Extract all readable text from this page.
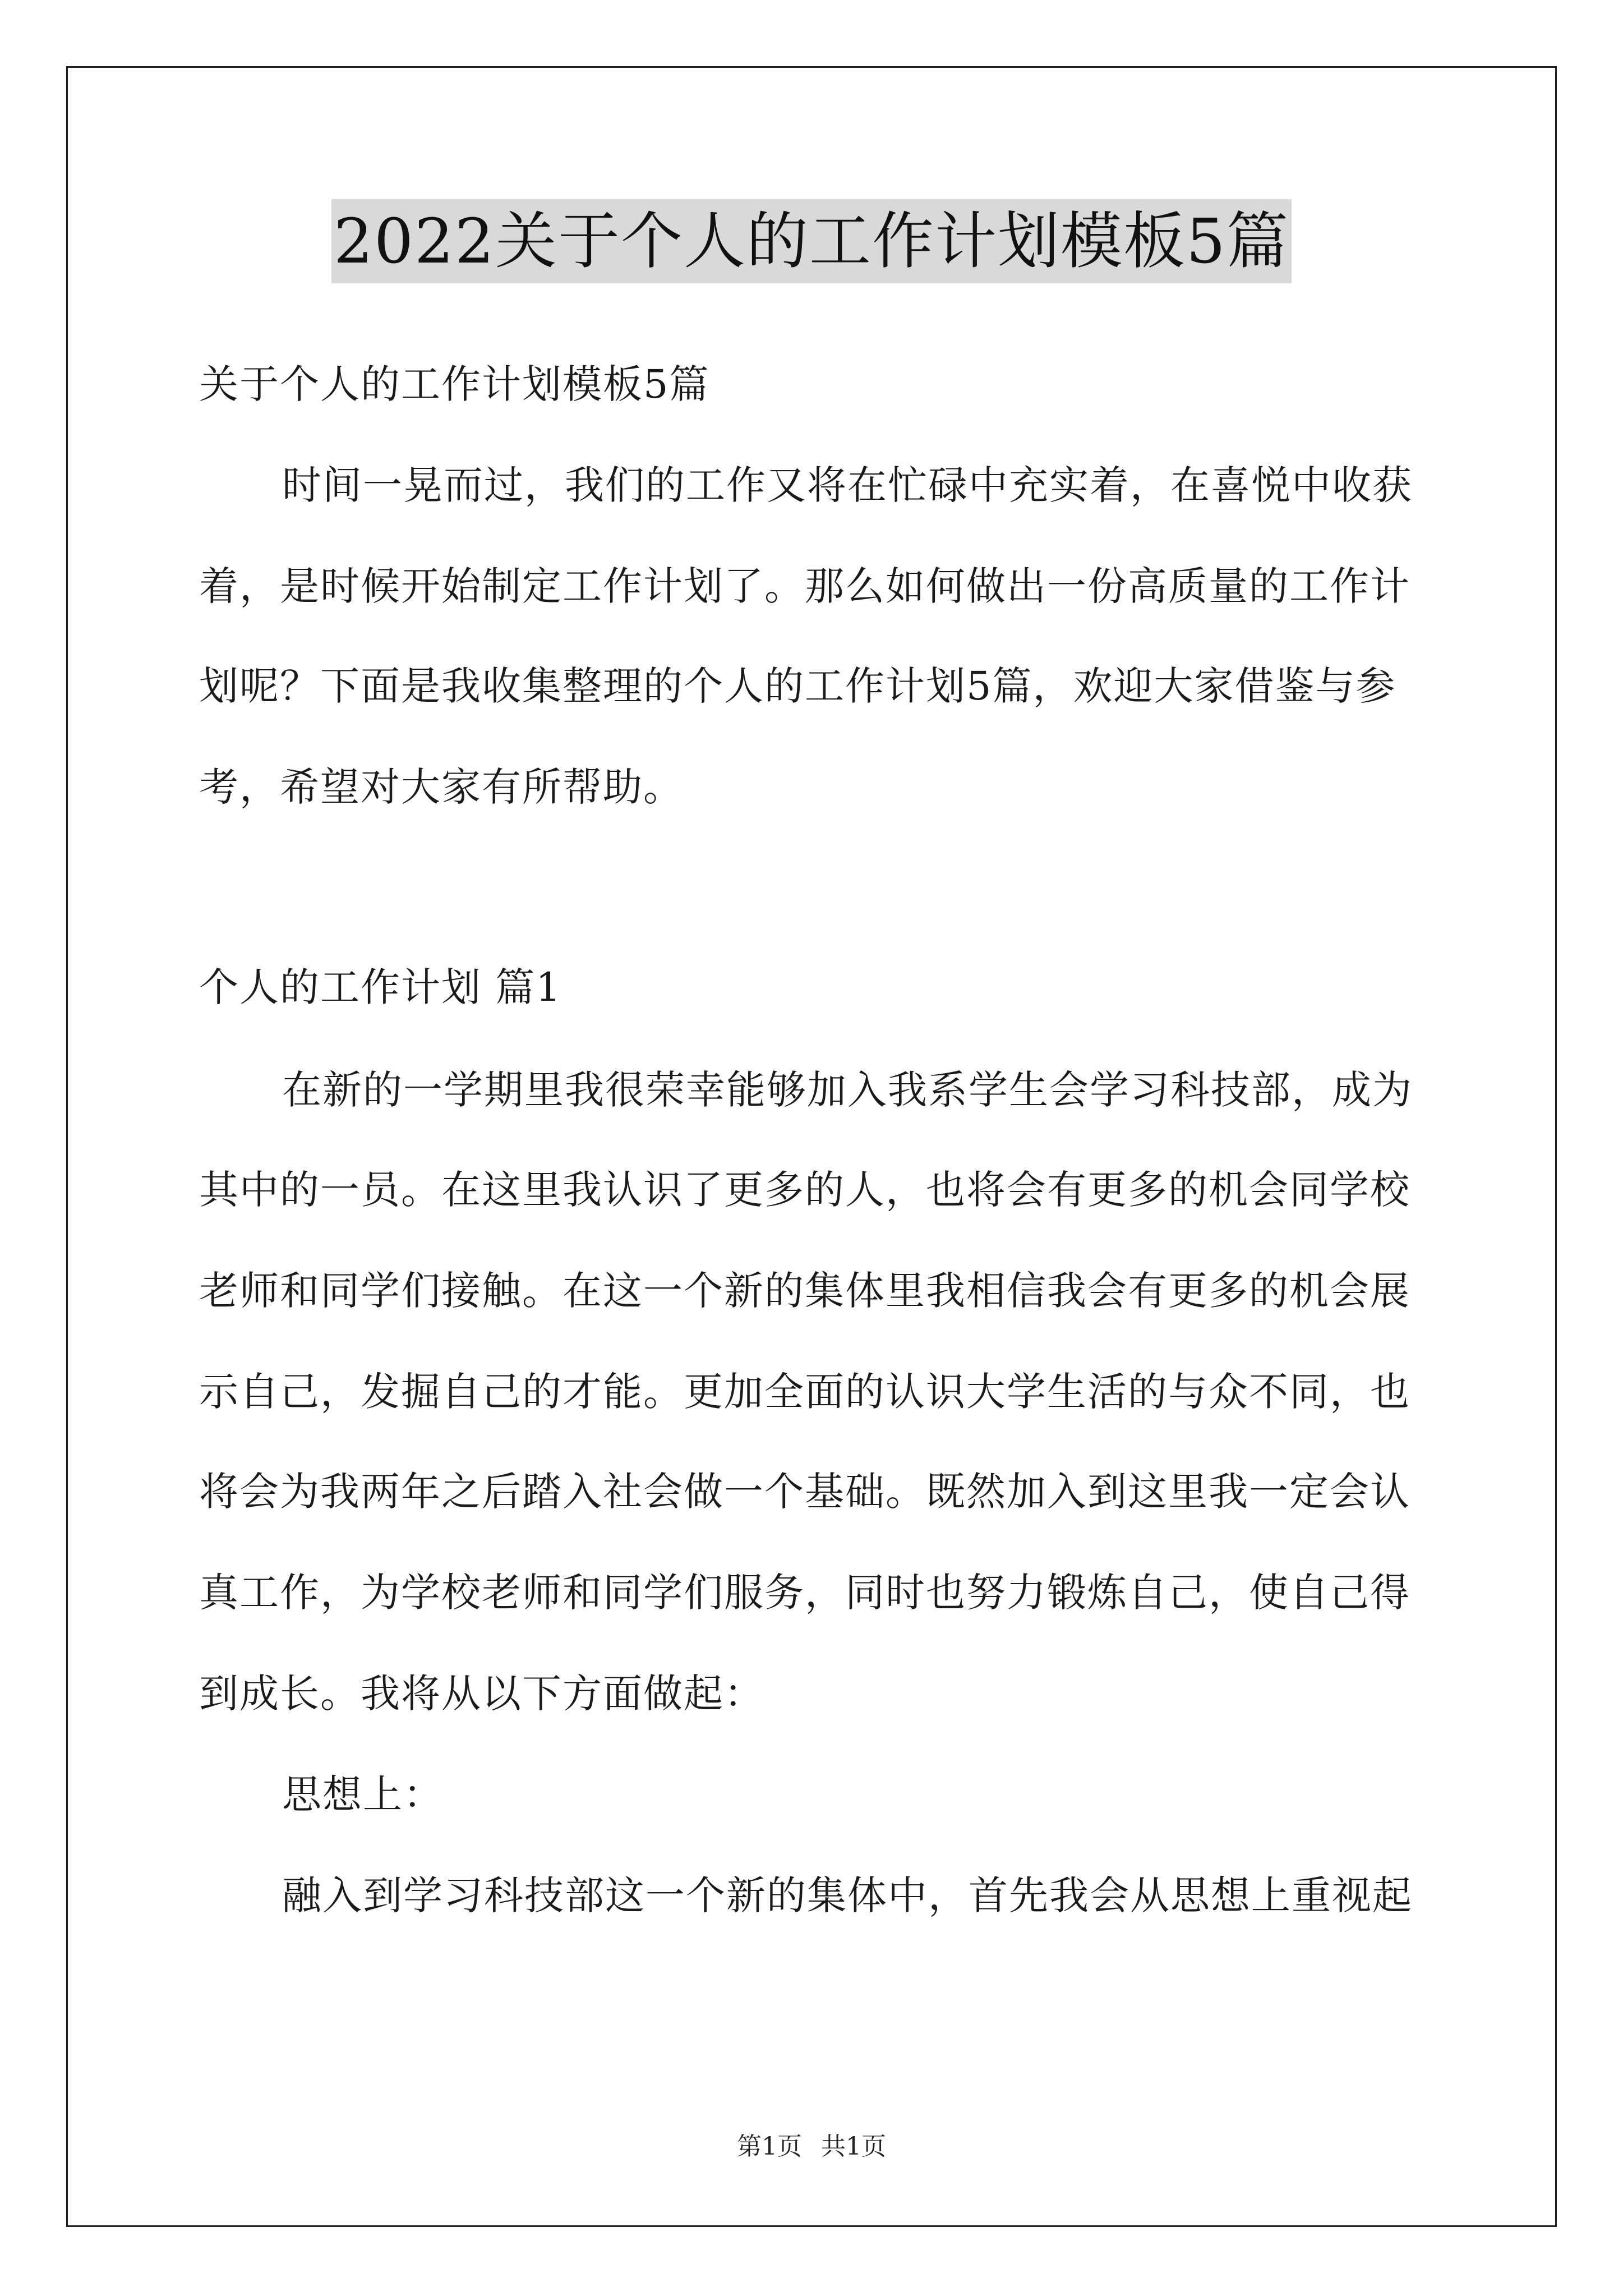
2022关于个人的工作计划模板5篇
关于个人的工作计划模板5篇
时间一晃而过，我们的工作又将在忙碌中充实着，在喜悦中收获
着，是时候开始制定工作计划了。那么如何做出一份高质量的工作计
划呢？下面是我收集整理的个人的工作计划5篇，欢迎大家借鉴与参
考，希望对大家有所帮助。
个人的工作计划 篇1
在新的一学期里我很荣幸能够加入我系学生会学习科技部，成为
其中的一员。在这里我认识了更多的人，也将会有更多的机会同学校
老师和同学们接触。在这一个新的集体里我相信我会有更多的机会展
示自己，发掘自己的才能。更加全面的认识大学生活的与众不同，也
将会为我两年之后踏入社会做一个基础。既然加入到这里我一定会认
真工作，为学校老师和同学们服务，同时也努力锻炼自己，使自己得
到成长。我将从以下方面做起：
思想上：
融入到学习科技部这一个新的集体中，首先我会从思想上重视起
第1页 共1页
